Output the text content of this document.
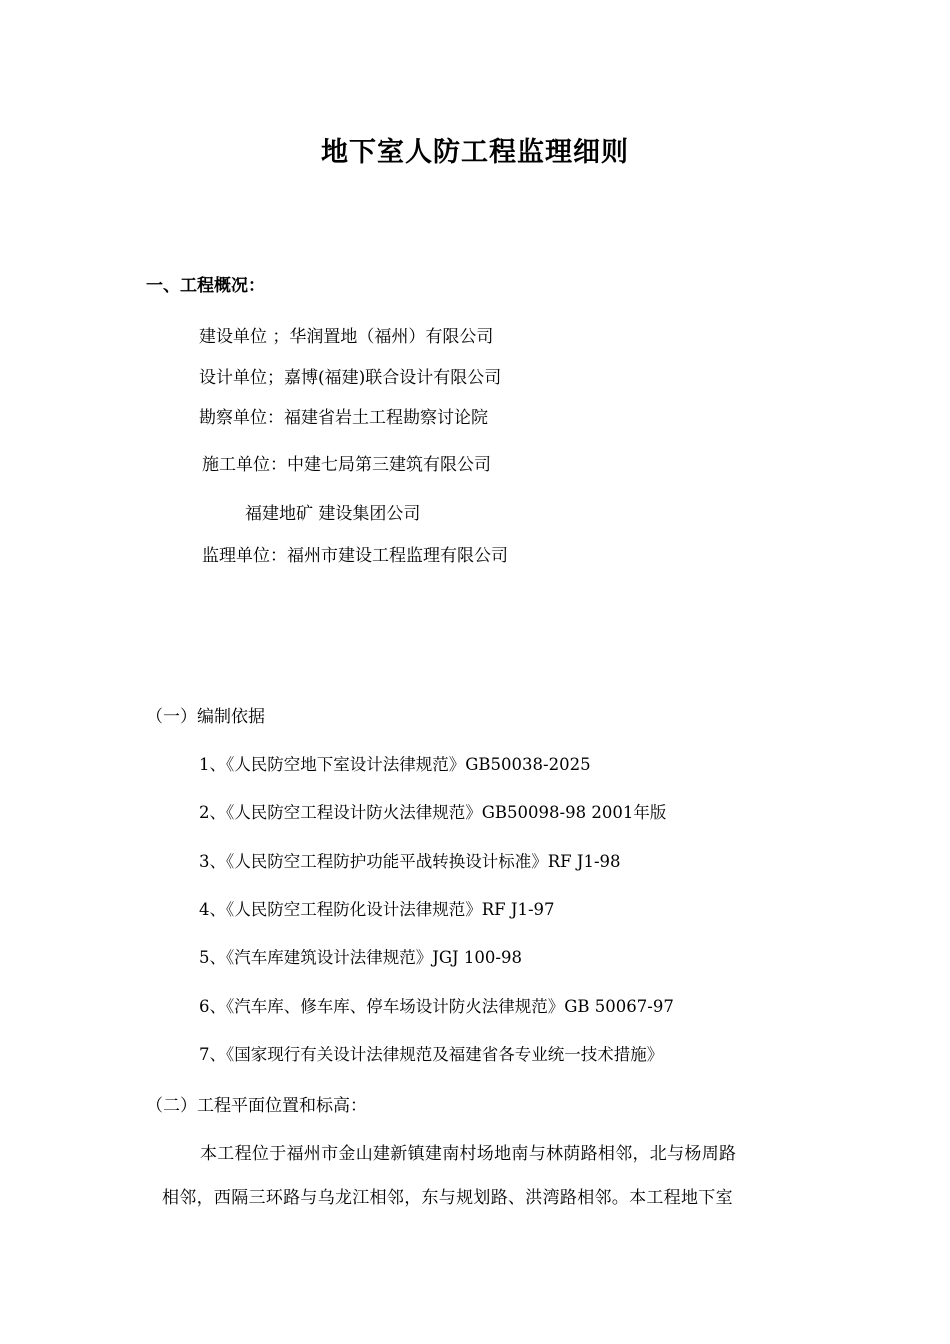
地下室人防工程监理细则
一、工程概况：
建设单位 ；华润置地（福州）有限公司
设计单位；嘉博(福建)联合设计有限公司
勘察单位：福建省岩土工程勘察讨论院
施工单位：中建七局第三建筑有限公司
福建地矿 建设集团公司
监理单位：福州市建设工程监理有限公司
（一）编制依据
1、《人民防空地下室设计法律规范》GB50038-2025
2、《人民防空工程设计防火法律规范》GB50098-98 2001年版
3、《人民防空工程防护功能平战转换设计标准》RF J1-98
4、《人民防空工程防化设计法律规范》RF J1-97
5、《汽车库建筑设计法律规范》JGJ 100-98
6、《汽车库、修车库、停车场设计防火法律规范》GB 50067-97
7、《国家现行有关设计法律规范及福建省各专业统一技术措施》
（二）工程平面位置和标高：
本工程位于福州市金山建新镇建南村场地南与林荫路相邻，北与杨周路
相邻，西隔三环路与乌龙江相邻，东与规划路、洪湾路相邻。本工程地下室
